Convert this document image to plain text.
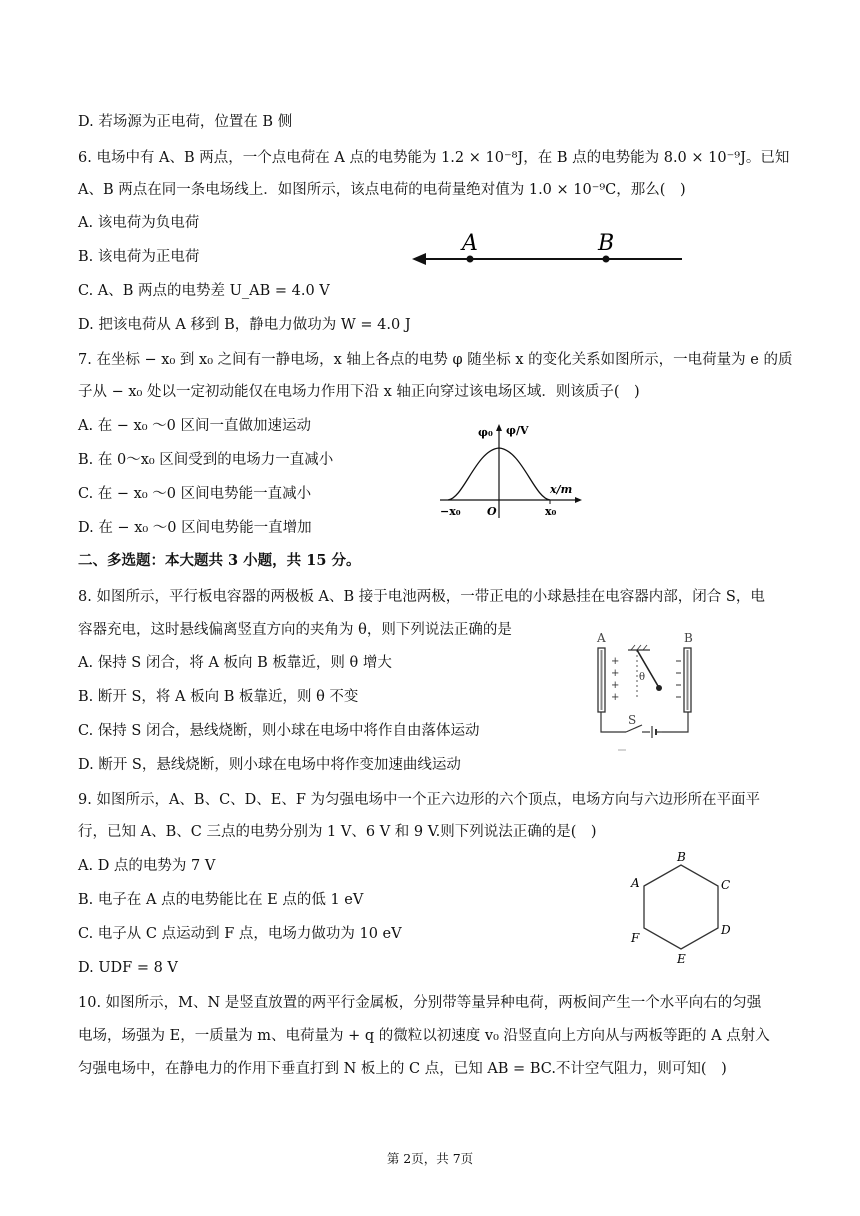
D. 若场源为正电荷，位置在 B 侧
6. 电场中有 A、B 两点，一个点电荷在 A 点的电势能为 1.2 × 10⁻⁸J，在 B 点的电势能为 8.0 × 10⁻⁹J。已知
A、B 两点在同一条电场线上．如图所示，该点电荷的电荷量绝对值为 1.0 × 10⁻⁹C，那么(　)
A. 该电荷为负电荷
B. 该电荷为正电荷
C. A、B 两点的电势差 U_AB = 4.0 V
D. 把该电荷从 A 移到 B，静电力做功为 W = 4.0 J
7. 在坐标 − x₀ 到 x₀ 之间有一静电场，x 轴上各点的电势 φ 随坐标 x 的变化关系如图所示，一电荷量为 e 的质
子从 − x₀ 处以一定初动能仅在电场力作用下沿 x 轴正向穿过该电场区域．则该质子(　)
A. 在 − x₀ ～0 区间一直做加速运动
B. 在 0～x₀ 区间受到的电场力一直减小
C. 在 − x₀ ～0 区间电势能一直减小
D. 在 − x₀ ～0 区间电势能一直增加
二、多选题：本大题共 3 小题，共 15 分。
8. 如图所示，平行板电容器的两极板 A、B 接于电池两极，一带正电的小球悬挂在电容器内部，闭合 S，电
容器充电，这时悬线偏离竖直方向的夹角为 θ，则下列说法正确的是
A. 保持 S 闭合，将 A 板向 B 板靠近，则 θ 增大
B. 断开 S，将 A 板向 B 板靠近，则 θ 不变
C. 保持 S 闭合，悬线烧断，则小球在电场中将作自由落体运动
D. 断开 S，悬线烧断，则小球在电场中将作变加速曲线运动
9. 如图所示，A、B、C、D、E、F 为匀强电场中一个正六边形的六个顶点，电场方向与六边形所在平面平
行，已知 A、B、C 三点的电势分别为 1 V、6 V 和 9 V.则下列说法正确的是(　)
A. D 点的电势为 7 V
B. 电子在 A 点的电势能比在 E 点的低 1 eV
C. 电子从 C 点运动到 F 点，电场力做功为 10 eV
D. UDF = 8 V
10. 如图所示，M、N 是竖直放置的两平行金属板，分别带等量异种电荷，两板间产生一个水平向右的匀强
电场，场强为 E，一质量为 m、电荷量为 + q 的微粒以初速度 v₀ 沿竖直向上方向从与两板等距的 A 点射入
匀强电场中，在静电力的作用下垂直打到 N 板上的 C 点，已知 AB = BC.不计空气阻力，则可知(　)
A	B
φ₀ φ/V
x/m
−x₀ O	x₀
A	B
+
+
+
+
θ
S
B
A	C
D
F
E
第 2页，共 7页
